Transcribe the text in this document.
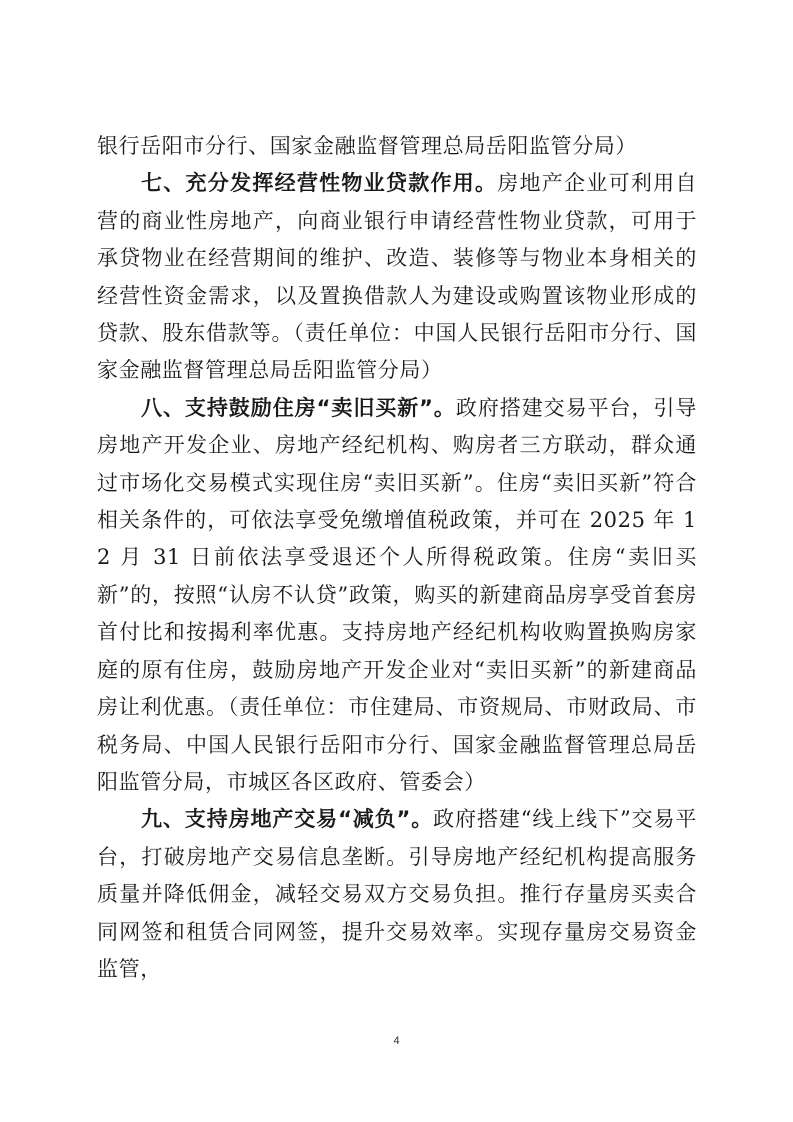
银行岳阳市分行、国家金融监督管理总局岳阳监管分局）

七、充分发挥经营性物业贷款作用。房地产企业可利用自营的商业性房地产，向商业银行申请经营性物业贷款，可用于承贷物业在经营期间的维护、改造、装修等与物业本身相关的经营性资金需求，以及置换借款人为建设或购置该物业形成的贷款、股东借款等。（责任单位：中国人民银行岳阳市分行、国家金融监督管理总局岳阳监管分局）

八、支持鼓励住房“卖旧买新”。政府搭建交易平台，引导房地产开发企业、房地产经纪机构、购房者三方联动，群众通过市场化交易模式实现住房“卖旧买新”。住房“卖旧买新”符合相关条件的，可依法享受免缴增值税政策，并可在 2025 年 12 月 31 日前依法享受退还个人所得税政策。住房“卖旧买新”的，按照“认房不认贷”政策，购买的新建商品房享受首套房首付比和按揭利率优惠。支持房地产经纪机构收购置换购房家庭的原有住房，鼓励房地产开发企业对“卖旧买新”的新建商品房让利优惠。（责任单位：市住建局、市资规局、市财政局、市税务局、中国人民银行岳阳市分行、国家金融监督管理总局岳阳监管分局，市城区各区政府、管委会）

九、支持房地产交易“减负”。政府搭建“线上线下”交易平台，打破房地产交易信息垄断。引导房地产经纪机构提高服务质量并降低佣金，减轻交易双方交易负担。推行存量房买卖合同网签和租赁合同网签，提升交易效率。实现存量房交易资金监管，

4
